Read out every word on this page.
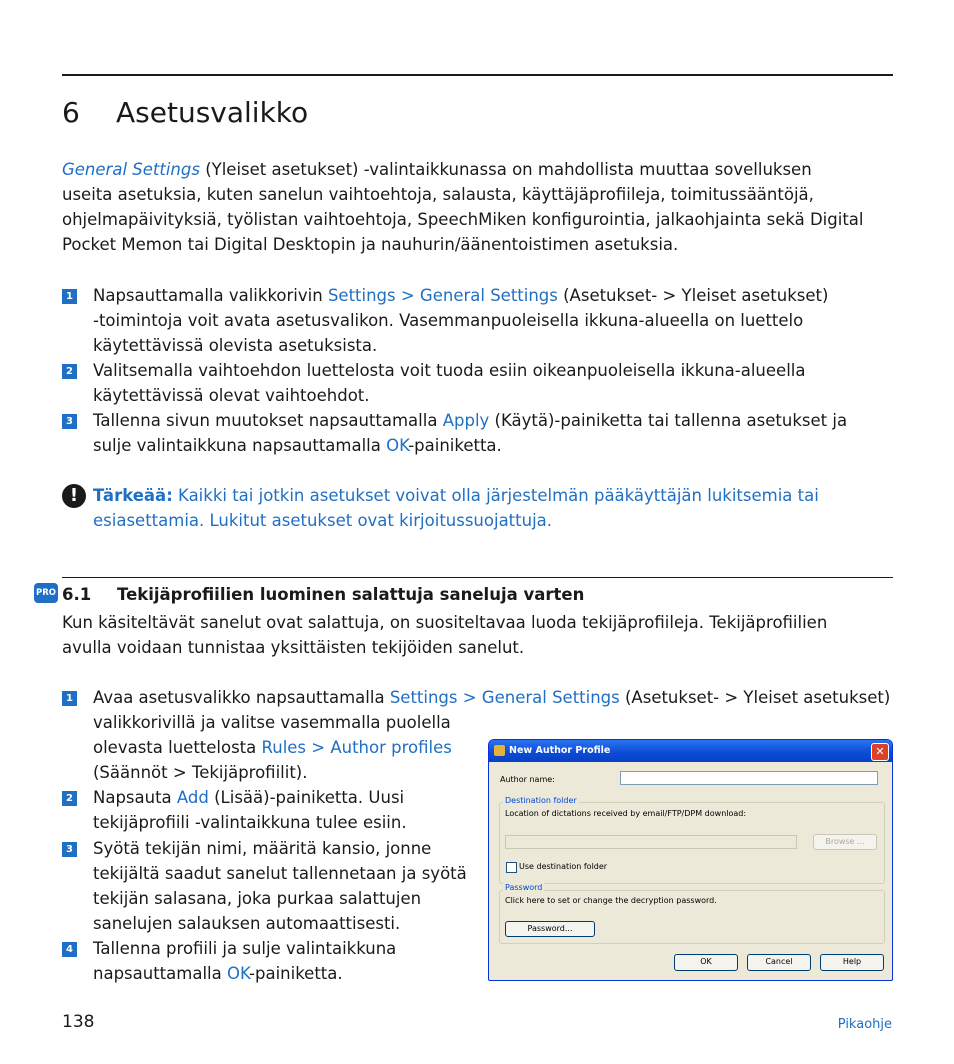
6 Asetusvalikko

General Settings (Yleiset asetukset) -valintaikkunassa on mahdollista muuttaa sovelluksen

useita asetuksia, kuten sanelun vaihtoehtoja, salausta, käyttäjäprofiileja, toimitussääntöjä,

ohjelmapäivityksiä, työlistan vaihtoehtoja, SpeechMiken konfigurointia, jalkaohjainta sekä Digital

Pocket Memon tai Digital Desktopin ja nauhurin/äänentoistimen asetuksia.

1 Napsauttamalla valikkorivin Settings > General Settings (Asetukset- > Yleiset asetukset)

-toimintoja voit avata asetusvalikon. Vasemmanpuoleisella ikkuna-alueella on luettelo

käytettävissä olevista asetuksista.

2 Valitsemalla vaihtoehdon luettelosta voit tuoda esiin oikeanpuoleisella ikkuna-alueella

käytettävissä olevat vaihtoehdot.

3 Tallenna sivun muutokset napsauttamalla Apply (Käytä)-painiketta tai tallenna asetukset ja

sulje valintaikkuna napsauttamalla OK-painiketta.

! Tärkeää: Kaikki tai jotkin asetukset voivat olla järjestelmän pääkäyttäjän lukitsemia tai

esiasettamia. Lukitut asetukset ovat kirjoitussuojattuja.

PRO 6.1 Tekijäprofiilien luominen salattuja saneluja varten

Kun käsiteltävät sanelut ovat salattuja, on suositeltavaa luoda tekijäprofiileja. Tekijäprofiilien

avulla voidaan tunnistaa yksittäisten tekijöiden sanelut.

1 Avaa asetusvalikko napsauttamalla Settings > General Settings (Asetukset- > Yleiset asetukset)

valikkorivillä ja valitse vasemmalla puolella

olevasta luettelosta Rules > Author profiles

(Säännöt > Tekijäprofiilit).

2 Napsauta Add (Lisää)-painiketta. Uusi

tekijäprofiili -valintaikkuna tulee esiin.

3 Syötä tekijän nimi, määritä kansio, jonne

tekijältä saadut sanelut tallennetaan ja syötä

tekijän salasana, joka purkaa salattujen

sanelujen salauksen automaattisesti.

4 Tallenna profiili ja sulje valintaikkuna

napsauttamalla OK-painiketta.

New Author Profile	✕
Author name:
Destination folder
Location of dictations received by email/FTP/DPM download:
Browse ...
Use destination folder
Password
Click here to set or change the decryption password.
Password...
OK	Cancel	Help
138	Pikaohje
